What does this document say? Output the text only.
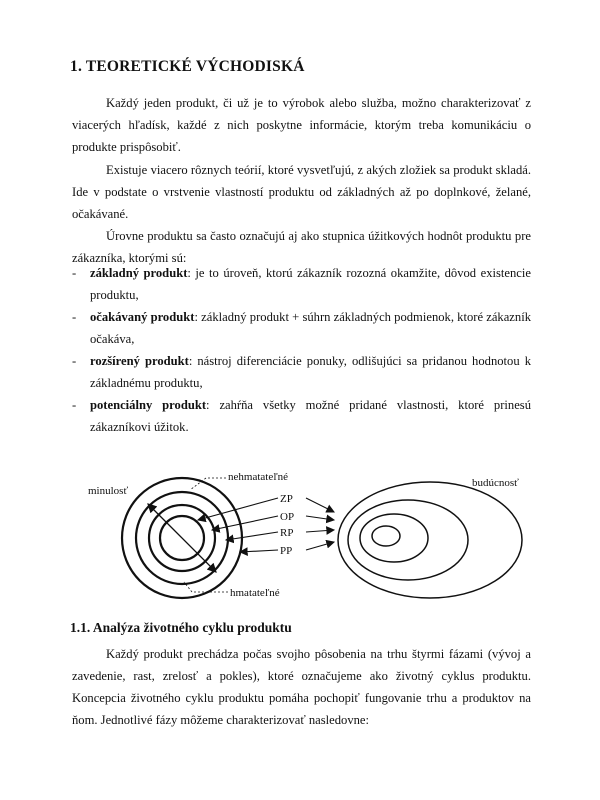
1. TEORETICKÉ VÝCHODISKÁ

Každý jeden produkt, či už je to výrobok alebo služba, možno charakterizovať z viacerých hľadísk, každé z nich poskytne informácie, ktorým treba komunikáciu o produkte prispôsobiť.

Existuje viacero rôznych teórií, ktoré vysvetľujú, z akých zložiek sa produkt skladá. Ide v podstate o vrstvenie vlastností produktu od základných až po doplnkové, želané, očakávané.

Úrovne produktu sa často označujú aj ako stupnica úžitkových hodnôt produktu pre zákazníka, ktorými sú:

- základný produkt: je to úroveň, ktorú zákazník rozozná okamžite, dôvod existencie produktu,
- očakávaný produkt: základný produkt + súhrn základných podmienok, ktoré zákazník očakáva,
- rozšírený produkt: nástroj diferenciácie ponuky, odlišujúci sa pridanou hodnotou k základnému produktu,
- potenciálny produkt: zahŕňa všetky možné pridané vlastnosti, ktoré prinesú zákazníkovi úžitok.
ZP
OP
RP
PP
minulosť
nehmatateľné
hmatateľné
budúcnosť
1.1. Analýza životného cyklu produktu

Každý produkt prechádza počas svojho pôsobenia na trhu štyrmi fázami (vývoj a zavedenie, rast, zrelosť a pokles), ktoré označujeme ako životný cyklus produktu. Koncepcia životného cyklu produktu pomáha pochopiť fungovanie trhu a produktov na ňom. Jednotlivé fázy môžeme charakterizovať nasledovne:
